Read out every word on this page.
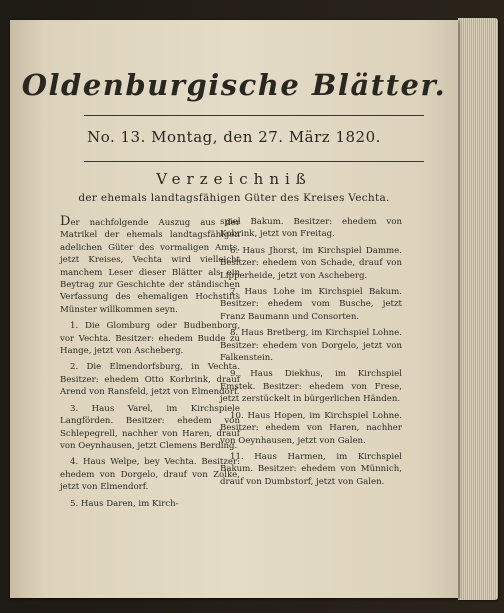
Oldenburgische Blätter.
No. 13. Montag, den 27. März 1820.
Verzeichniß
der ehemals landtagsfähigen Güter des Kreises Vechta.

Der nachfolgende Auszug aus der Matrikel der ehemals landtagsfähigen adelichen Güter des vormaligen Amts, jetzt Kreises, Vechta wird vielleicht manchem Leser dieser Blätter als ein Beytrag zur Geschichte der ständischen Verfassung des ehemaligen Hochstifts Münster willkommen seyn.

1. Die Glomburg oder Budbenborg, vor Vechta. Besitzer: ehedem Budde zu Hange, jetzt von Ascheberg.

2. Die Elmendorfsburg, in Vechta. Besitzer: ehedem Otto Korbrink, drauf Arend von Ransfeld, jetzt von Elmendorf.

3. Haus Varel, im Kirchspiele Langförden. Besitzer: ehedem von Schlepegrell, nachher von Haren, drauf von Oeynhausen, jetzt Clemens Berding.

4. Haus Welpe, bey Vechta. Besitzer: ehedem von Dorgelo, drauf von Zolke, jetzt von Elmendorf.

5. Haus Daren, im Kirch-

spiel Bakum. Besitzer: ehedem von Kobrink, jetzt von Freitag.

6. Haus Jhorst, im Kirchspiel Damme. Besitzer: ehedem von Schade, drauf von Lipperheide, jetzt von Ascheberg.

7. Haus Lohe im Kirchspiel Bakum. Besitzer: ehedem vom Busche, jetzt Franz Baumann und Consorten.

8. Haus Bretberg, im Kirchspiel Lohne. Besitzer: ehedem von Dorgelo, jetzt von Falkenstein.

9. Haus Diekhus, im Kirchspiel Emstek. Besitzer: ehedem von Frese, jetzt zerstückelt in bürgerlichen Händen.

10. Haus Hopen, im Kirchspiel Lohne. Besitzer: ehedem von Haren, nachher von Oeynhausen, jetzt von Galen.

11. Haus Harmen, im Kirchspiel Bakum. Besitzer: ehedem von Münnich, drauf von Dumbstorf, jetzt von Galen.
